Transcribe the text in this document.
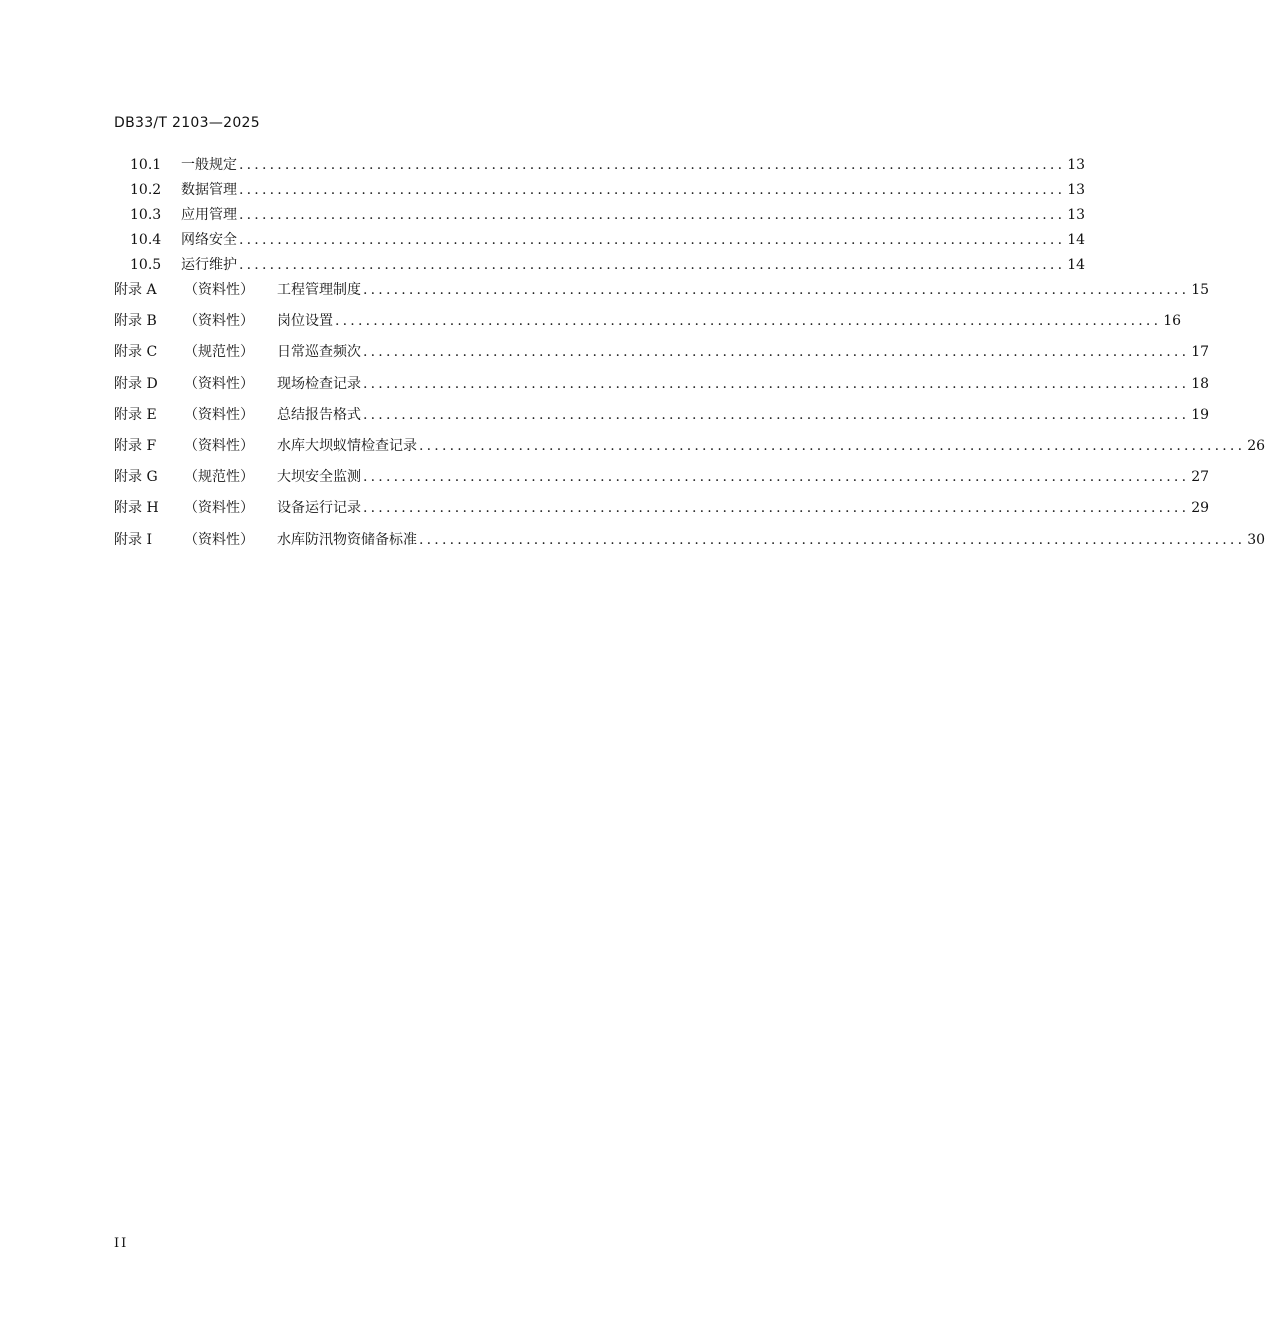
DB33/T 2103—2025
10.1	一般规定 ............................................................................................................ 13
10.2	数据管理 ............................................................................................................ 13
10.3	应用管理 ............................................................................................................ 13
10.4	网络安全 ............................................................................................................ 14
10.5	运行维护 ............................................................................................................ 14
附录 A	（资料性）	工程管理制度 ............................................................................................................ 15
附录 B	（资料性）	岗位设置 ............................................................................................................ 16
附录 C	（规范性）	日常巡查频次 ............................................................................................................ 17
附录 D	（资料性）	现场检查记录 ............................................................................................................ 18
附录 E	（资料性）	总结报告格式 ............................................................................................................ 19
附录 F	（资料性）	水库大坝蚁情检查记录 ............................................................................................................ 26
附录 G	（规范性）	大坝安全监测 ............................................................................................................ 27
附录 H	（资料性）	设备运行记录 ............................................................................................................ 29
附录 I	（资料性）	水库防汛物资储备标准 ............................................................................................................ 30
II
